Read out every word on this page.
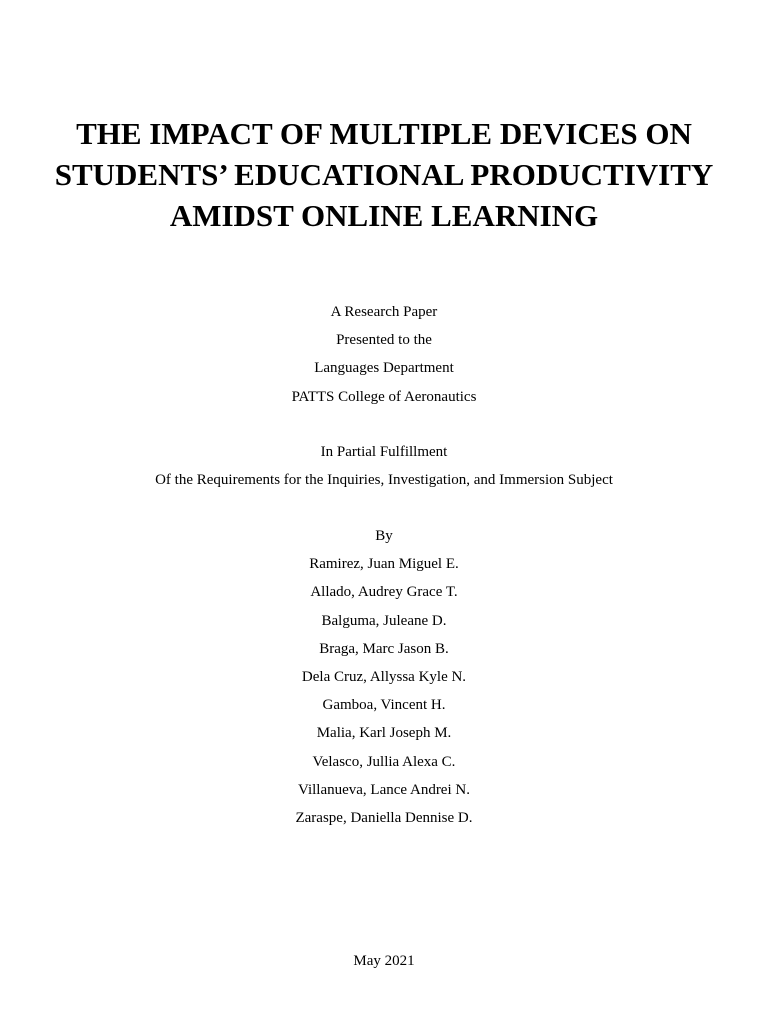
THE IMPACT OF MULTIPLE DEVICES ON
STUDENTS’ EDUCATIONAL PRODUCTIVITY
AMIDST ONLINE LEARNING
A Research Paper
Presented to the
Languages Department
PATTS College of Aeronautics
In Partial Fulfillment
Of the Requirements for the Inquiries, Investigation, and Immersion Subject
By
Ramirez, Juan Miguel E.
Allado, Audrey Grace T.
Balguma, Juleane D.
Braga, Marc Jason B.
Dela Cruz, Allyssa Kyle N.
Gamboa, Vincent H.
Malia, Karl Joseph M.
Velasco, Jullia Alexa C.
Villanueva, Lance Andrei N.
Zaraspe, Daniella Dennise D.
May 2021
